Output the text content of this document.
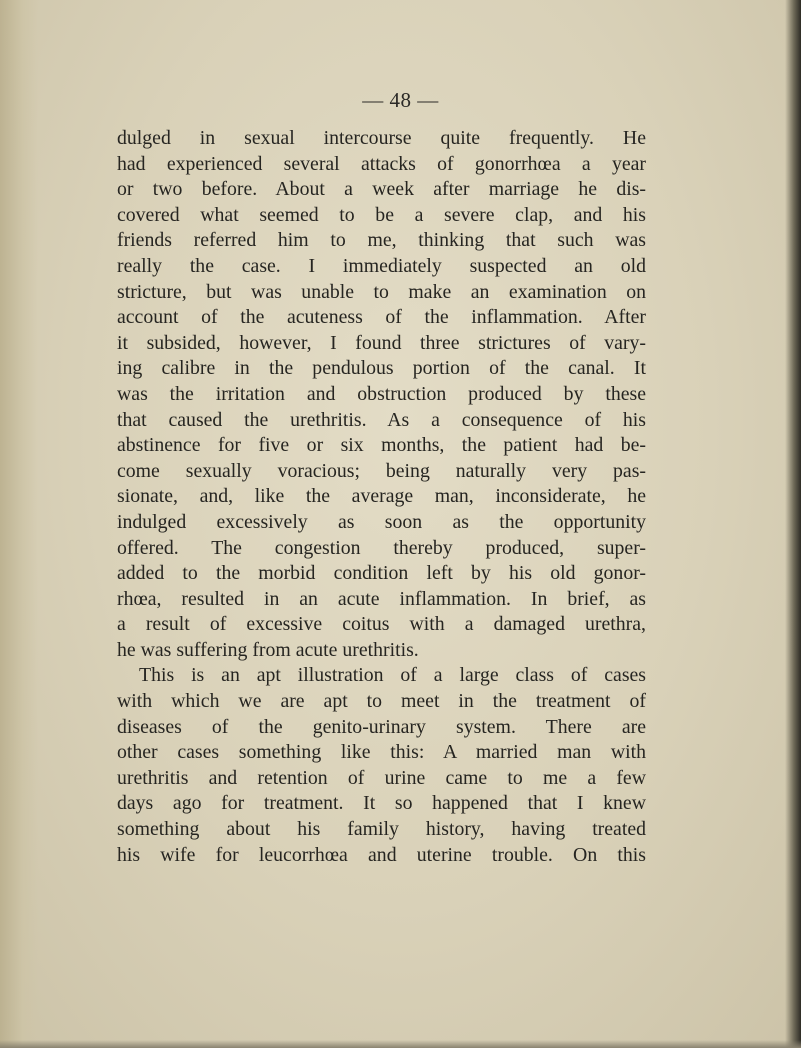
— 48 —
dulged in sexual intercourse quite frequently. He
had experienced several attacks of gonorrhœa a year
or two before. About a week after marriage he dis-
covered what seemed to be a severe clap, and his
friends referred him to me, thinking that such was
really the case. I immediately suspected an old
stricture, but was unable to make an examination on
account of the acuteness of the inflammation. After
it subsided, however, I found three strictures of vary-
ing calibre in the pendulous portion of the canal. It
was the irritation and obstruction produced by these
that caused the urethritis. As a consequence of his
abstinence for five or six months, the patient had be-
come sexually voracious; being naturally very pas-
sionate, and, like the average man, inconsiderate, he
indulged excessively as soon as the opportunity
offered. The congestion thereby produced, super-
added to the morbid condition left by his old gonor-
rhœa, resulted in an acute inflammation. In brief, as
a result of excessive coitus with a damaged urethra,
he was suffering from acute urethritis.
This is an apt illustration of a large class of cases
with which we are apt to meet in the treatment of
diseases of the genito-urinary system. There are
other cases something like this: A married man with
urethritis and retention of urine came to me a few
days ago for treatment. It so happened that I knew
something about his family history, having treated
his wife for leucorrhœa and uterine trouble. On this
